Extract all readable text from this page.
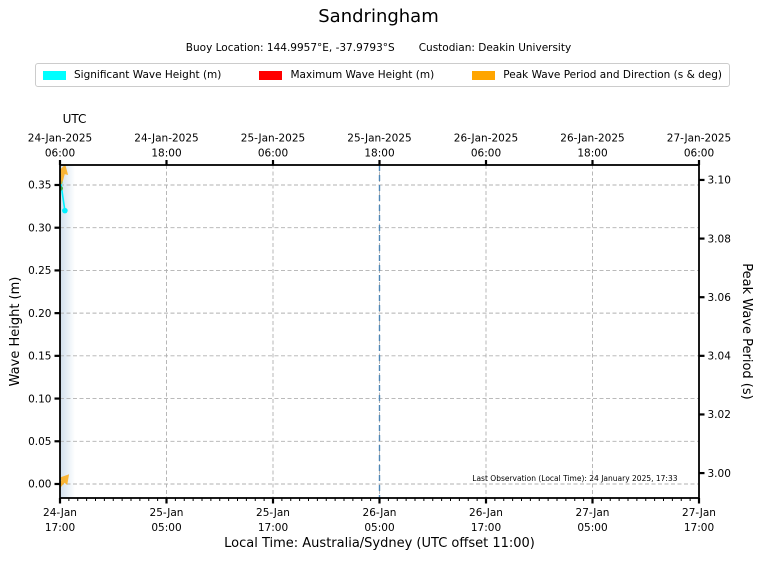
Sandringham
Buoy Location: 144.9957°E, -37.9793°S Custodian: Deakin University
Significant Wave Height (m)	Maximum Wave Height (m)	Peak Wave Period and Direction (s & deg)
24-Jan-2025
06:00
24-Jan-2025
18:00
25-Jan-2025
06:00
25-Jan-2025
18:00
26-Jan-2025
06:00
26-Jan-2025
18:00
27-Jan-2025
06:00
24-Jan
17:00
25-Jan
05:00
25-Jan
17:00
26-Jan
05:00
26-Jan
17:00
27-Jan
05:00
27-Jan
17:00
0.00
0.05
0.10
0.15
0.20
0.25
0.30
0.35
3.00
3.02
3.04
3.06
3.08
3.10
UTC
Wave Height (m)	Peak Wave Period (s)
Local Time: Australia/Sydney (UTC offset 11:00)
Last Observation (Local Time): 24 January 2025, 17:33
